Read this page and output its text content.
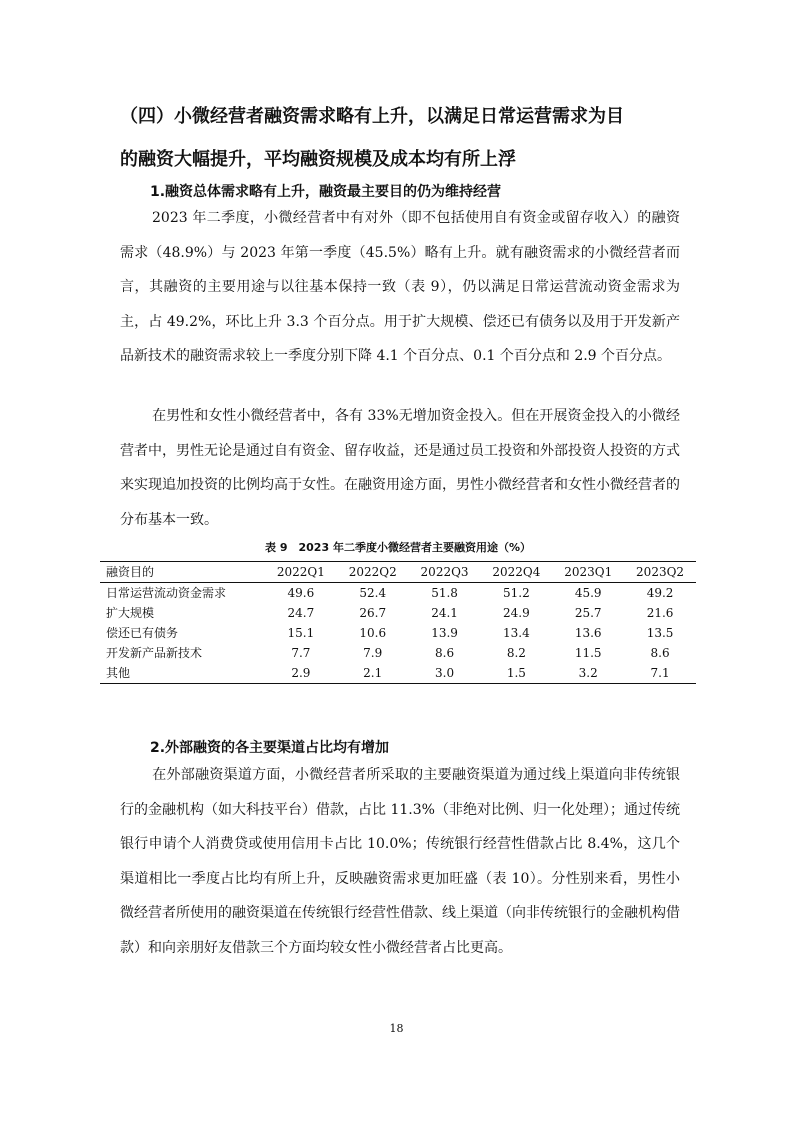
（四）小微经营者融资需求略有上升，以满足日常运营需求为目
的融资大幅提升，平均融资规模及成本均有所上浮
1.融资总体需求略有上升，融资最主要目的仍为维持经营

2023 年二季度，小微经营者中有对外（即不包括使用自有资金或留存收入）的融资需求（48.9%）与 2023 年第一季度（45.5%）略有上升。就有融资需求的小微经营者而言，其融资的主要用途与以往基本保持一致（表 9），仍以满足日常运营流动资金需求为主，占 49.2%，环比上升 3.3 个百分点。用于扩大规模、偿还已有债务以及用于开发新产品新技术的融资需求较上一季度分别下降 4.1 个百分点、0.1 个百分点和 2.9 个百分点。

在男性和女性小微经营者中，各有 33%无增加资金投入。但在开展资金投入的小微经营者中，男性无论是通过自有资金、留存收益，还是通过员工投资和外部投资人投资的方式来实现追加投资的比例均高于女性。在融资用途方面，男性小微经营者和女性小微经营者的分布基本一致。

表 9　2023 年二季度小微经营者主要融资用途（%）
融资目的	2022Q1	2022Q2	2022Q3	2022Q4	2023Q1	2023Q2
日常运营流动资金需求	49.6	52.4	51.8	51.2	45.9	49.2
扩大规模	24.7	26.7	24.1	24.9	25.7	21.6
偿还已有债务	15.1	10.6	13.9	13.4	13.6	13.5
开发新产品新技术	7.7	7.9	8.6	8.2	11.5	8.6
其他	2.9	2.1	3.0	1.5	3.2	7.1
2.外部融资的各主要渠道占比均有增加

在外部融资渠道方面，小微经营者所采取的主要融资渠道为通过线上渠道向非传统银行的金融机构（如大科技平台）借款，占比 11.3%（非绝对比例、归一化处理）；通过传统银行申请个人消费贷或使用信用卡占比 10.0%；传统银行经营性借款占比 8.4%，这几个渠道相比一季度占比均有所上升，反映融资需求更加旺盛（表 10）。分性别来看，男性小微经营者所使用的融资渠道在传统银行经营性借款、线上渠道（向非传统银行的金融机构借款）和向亲朋好友借款三个方面均较女性小微经营者占比更高。

18
